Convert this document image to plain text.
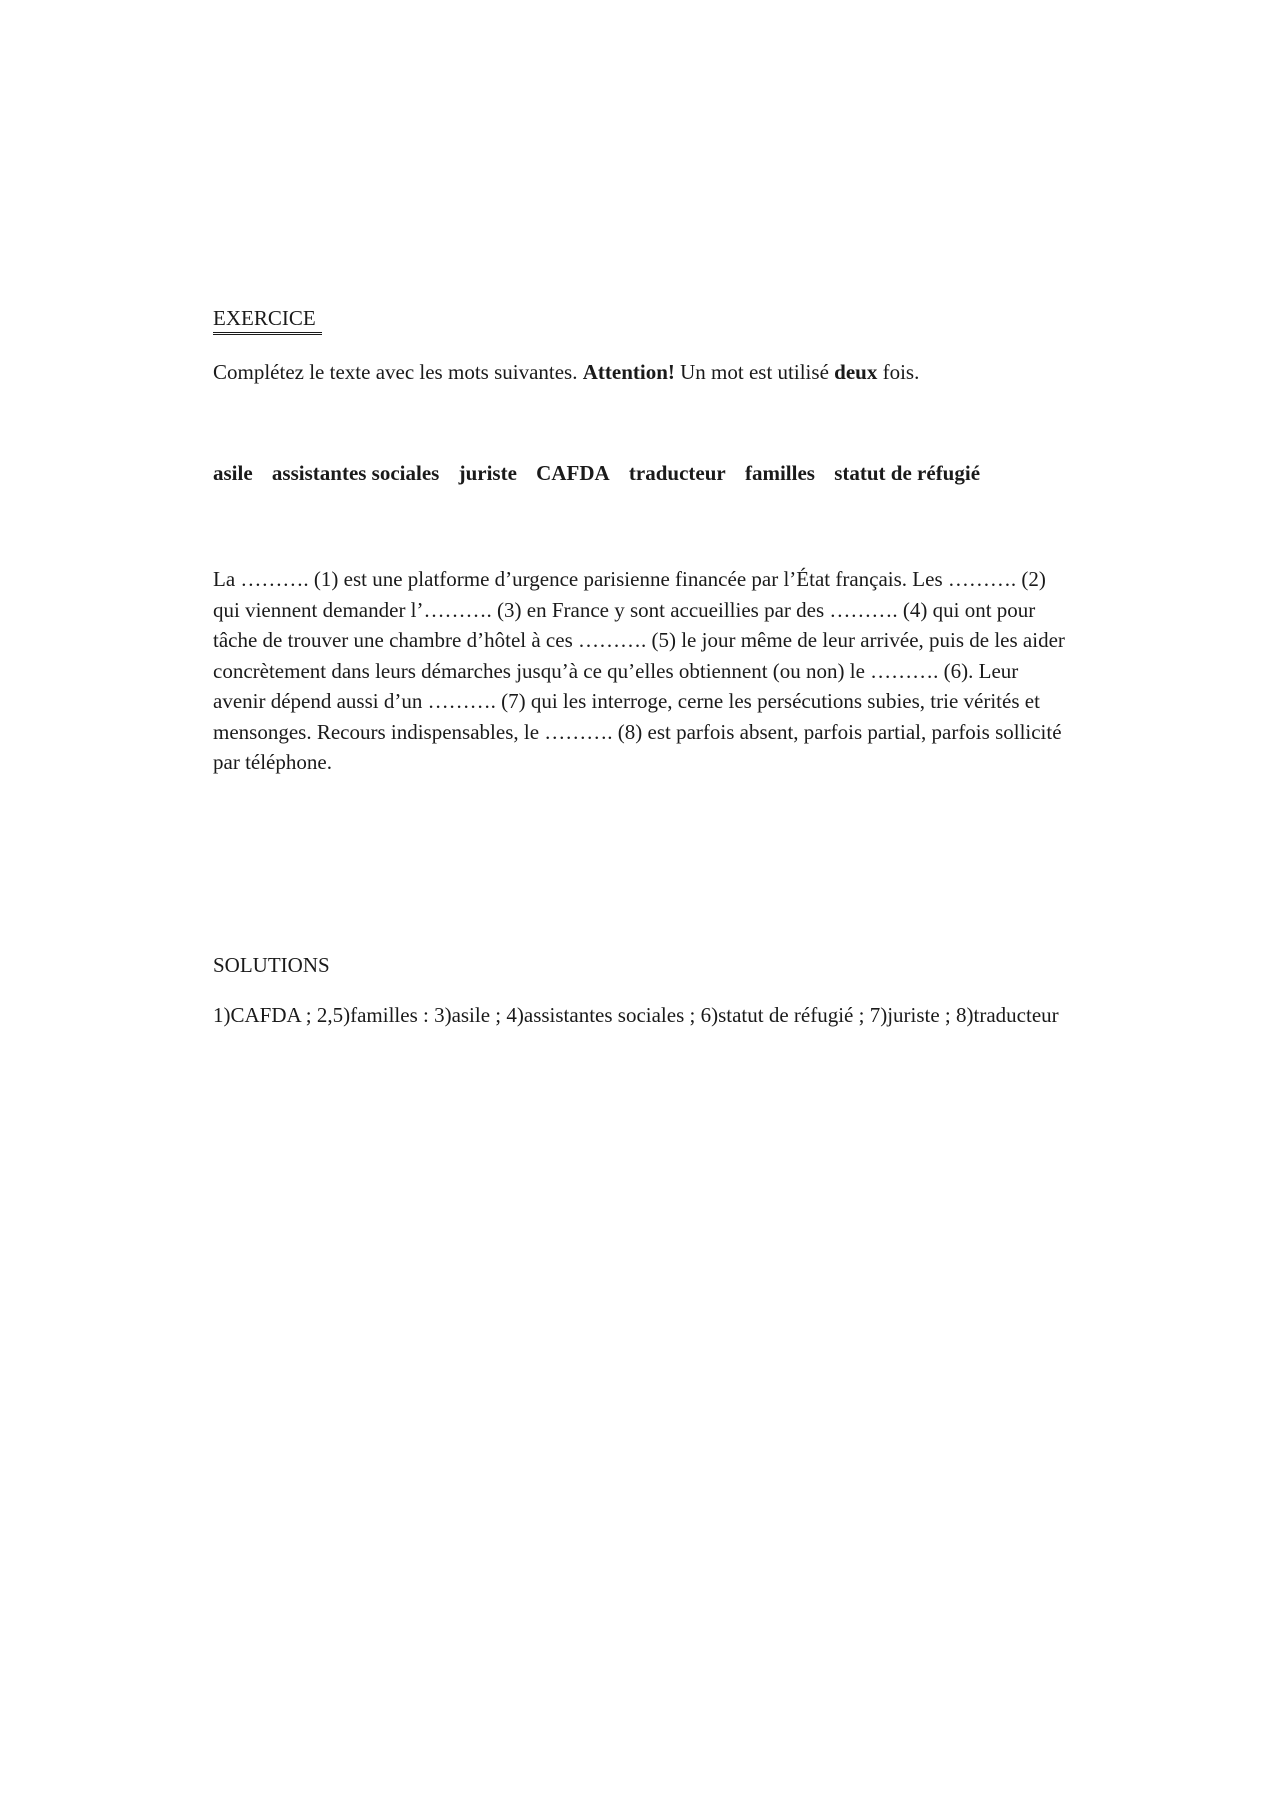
EXERCICE

Complétez le texte avec les mots suivantes. Attention! Un mot est utilisé deux fois.

asile assistantes sociales juriste CAFDA traducteur familles statut de réfugié

La ………. (1) est une platforme d’urgence parisienne financée par l’État français. Les ………. (2) qui viennent demander l’………. (3) en France y sont accueillies par des ………. (4) qui ont pour tâche de trouver une chambre d’hôtel à ces ………. (5) le jour même de leur arrivée, puis de les aider concrètement dans leurs démarches jusqu’à ce qu’elles obtiennent (ou non) le ………. (6). Leur avenir dépend aussi d’un ………. (7) qui les interroge, cerne les persécutions subies, trie vérités et mensonges. Recours indispensables, le ………. (8) est parfois absent, parfois partial, parfois sollicité par téléphone.

SOLUTIONS

1)CAFDA ; 2,5)familles : 3)asile ; 4)assistantes sociales ; 6)statut de réfugié ; 7)juriste ; 8)traducteur
